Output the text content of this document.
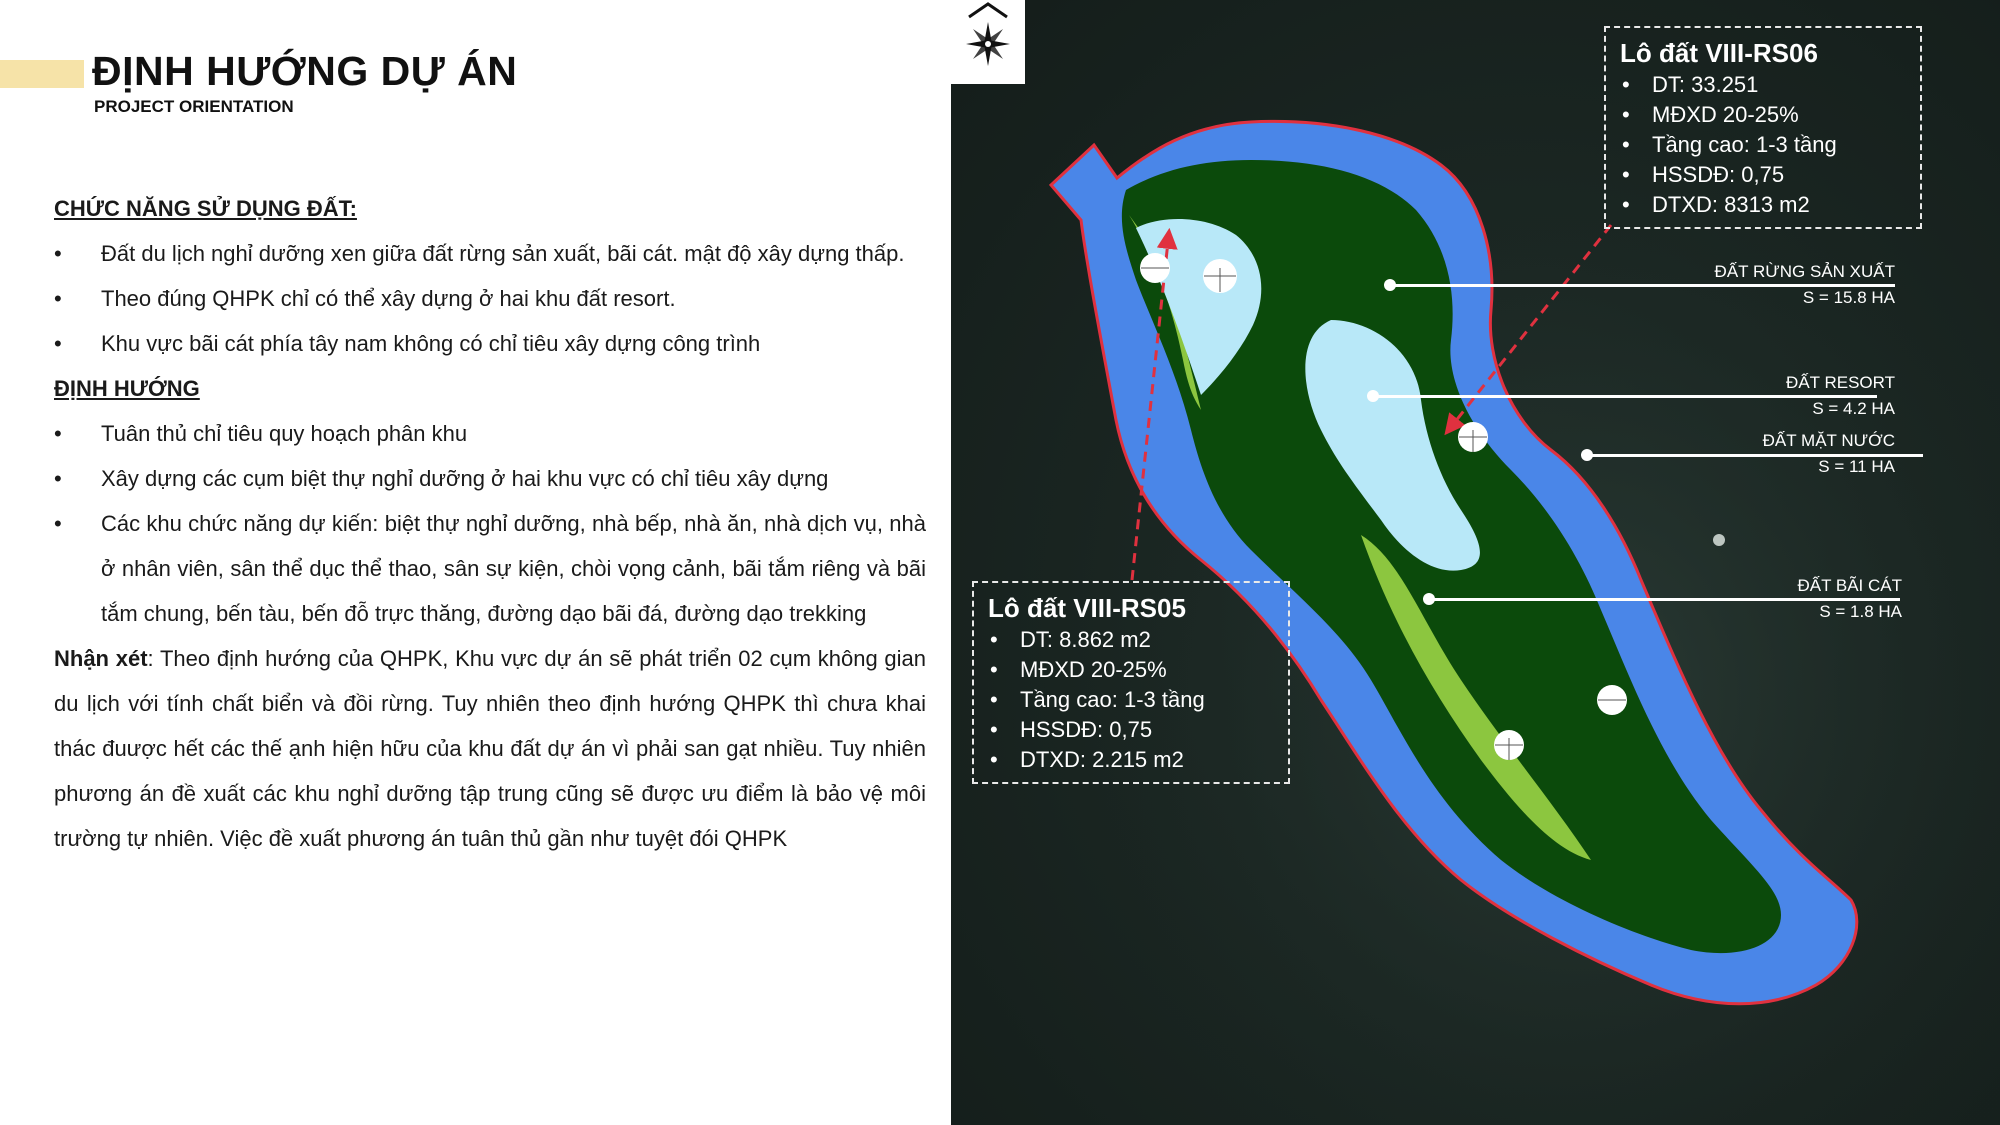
ĐỊNH HƯỚNG DỰ ÁN
PROJECT ORIENTATION
CHỨC NĂNG SỬ DỤNG ĐẤT:
• Đất du lịch nghỉ dưỡng xen giữa đất rừng sản xuất, bãi cát. mật độ xây dựng thấp.
• Theo đúng QHPK chỉ có thể xây dựng ở hai khu đất resort.
• Khu vực bãi cát phía tây nam không có chỉ tiêu xây dựng công trình
ĐỊNH HƯỚNG
• Tuân thủ chỉ tiêu quy hoạch phân khu
• Xây dựng các cụm biệt thự nghỉ dưỡng ở hai khu vực có chỉ tiêu xây dựng
• Các khu chức năng dự kiến: biệt thự nghỉ dưỡng, nhà bếp, nhà ăn, nhà dịch vụ, nhà ở nhân viên, sân thể dục thể thao, sân sự kiện, chòi vọng cảnh, bãi tắm riêng và bãi tắm chung, bến tàu, bến đỗ trực thăng, đường dạo bãi đá, đường dạo trekking
Nhận xét: Theo định hướng của QHPK, Khu vực dự án sẽ phát triển 02 cụm không gian du lịch với tính chất biển và đồi rừng. Tuy nhiên theo định hướng QHPK thì chưa khai thác đuược hết các thế ạnh hiện hữu của khu đất dự án vì phải san gạt nhiều. Tuy nhiên phương án đề xuất các khu nghỉ dưỡng tập trung cũng sẽ được ưu điểm là bảo vệ môi trường tự nhiên. Việc đề xuất phương án tuân thủ gần như tuyệt đói QHPK
Lô đất VIII-RS06
• DT: 33.251
• MĐXD 20-25%
• Tầng cao: 1-3 tầng
• HSSDĐ: 0,75
• DTXD: 8313 m2
Lô đất VIII-RS05
• DT: 8.862 m2
• MĐXD 20-25%
• Tầng cao: 1-3 tầng
• HSSDĐ: 0,75
• DTXD: 2.215 m2
ĐẤT RỪNG SẢN XUẤT
S = 15.8 HA
ĐẤT RESORT
S = 4.2 HA
ĐẤT MẶT NƯỚC
S = 11 HA
ĐẤT BÃI CÁT
S = 1.8 HA
